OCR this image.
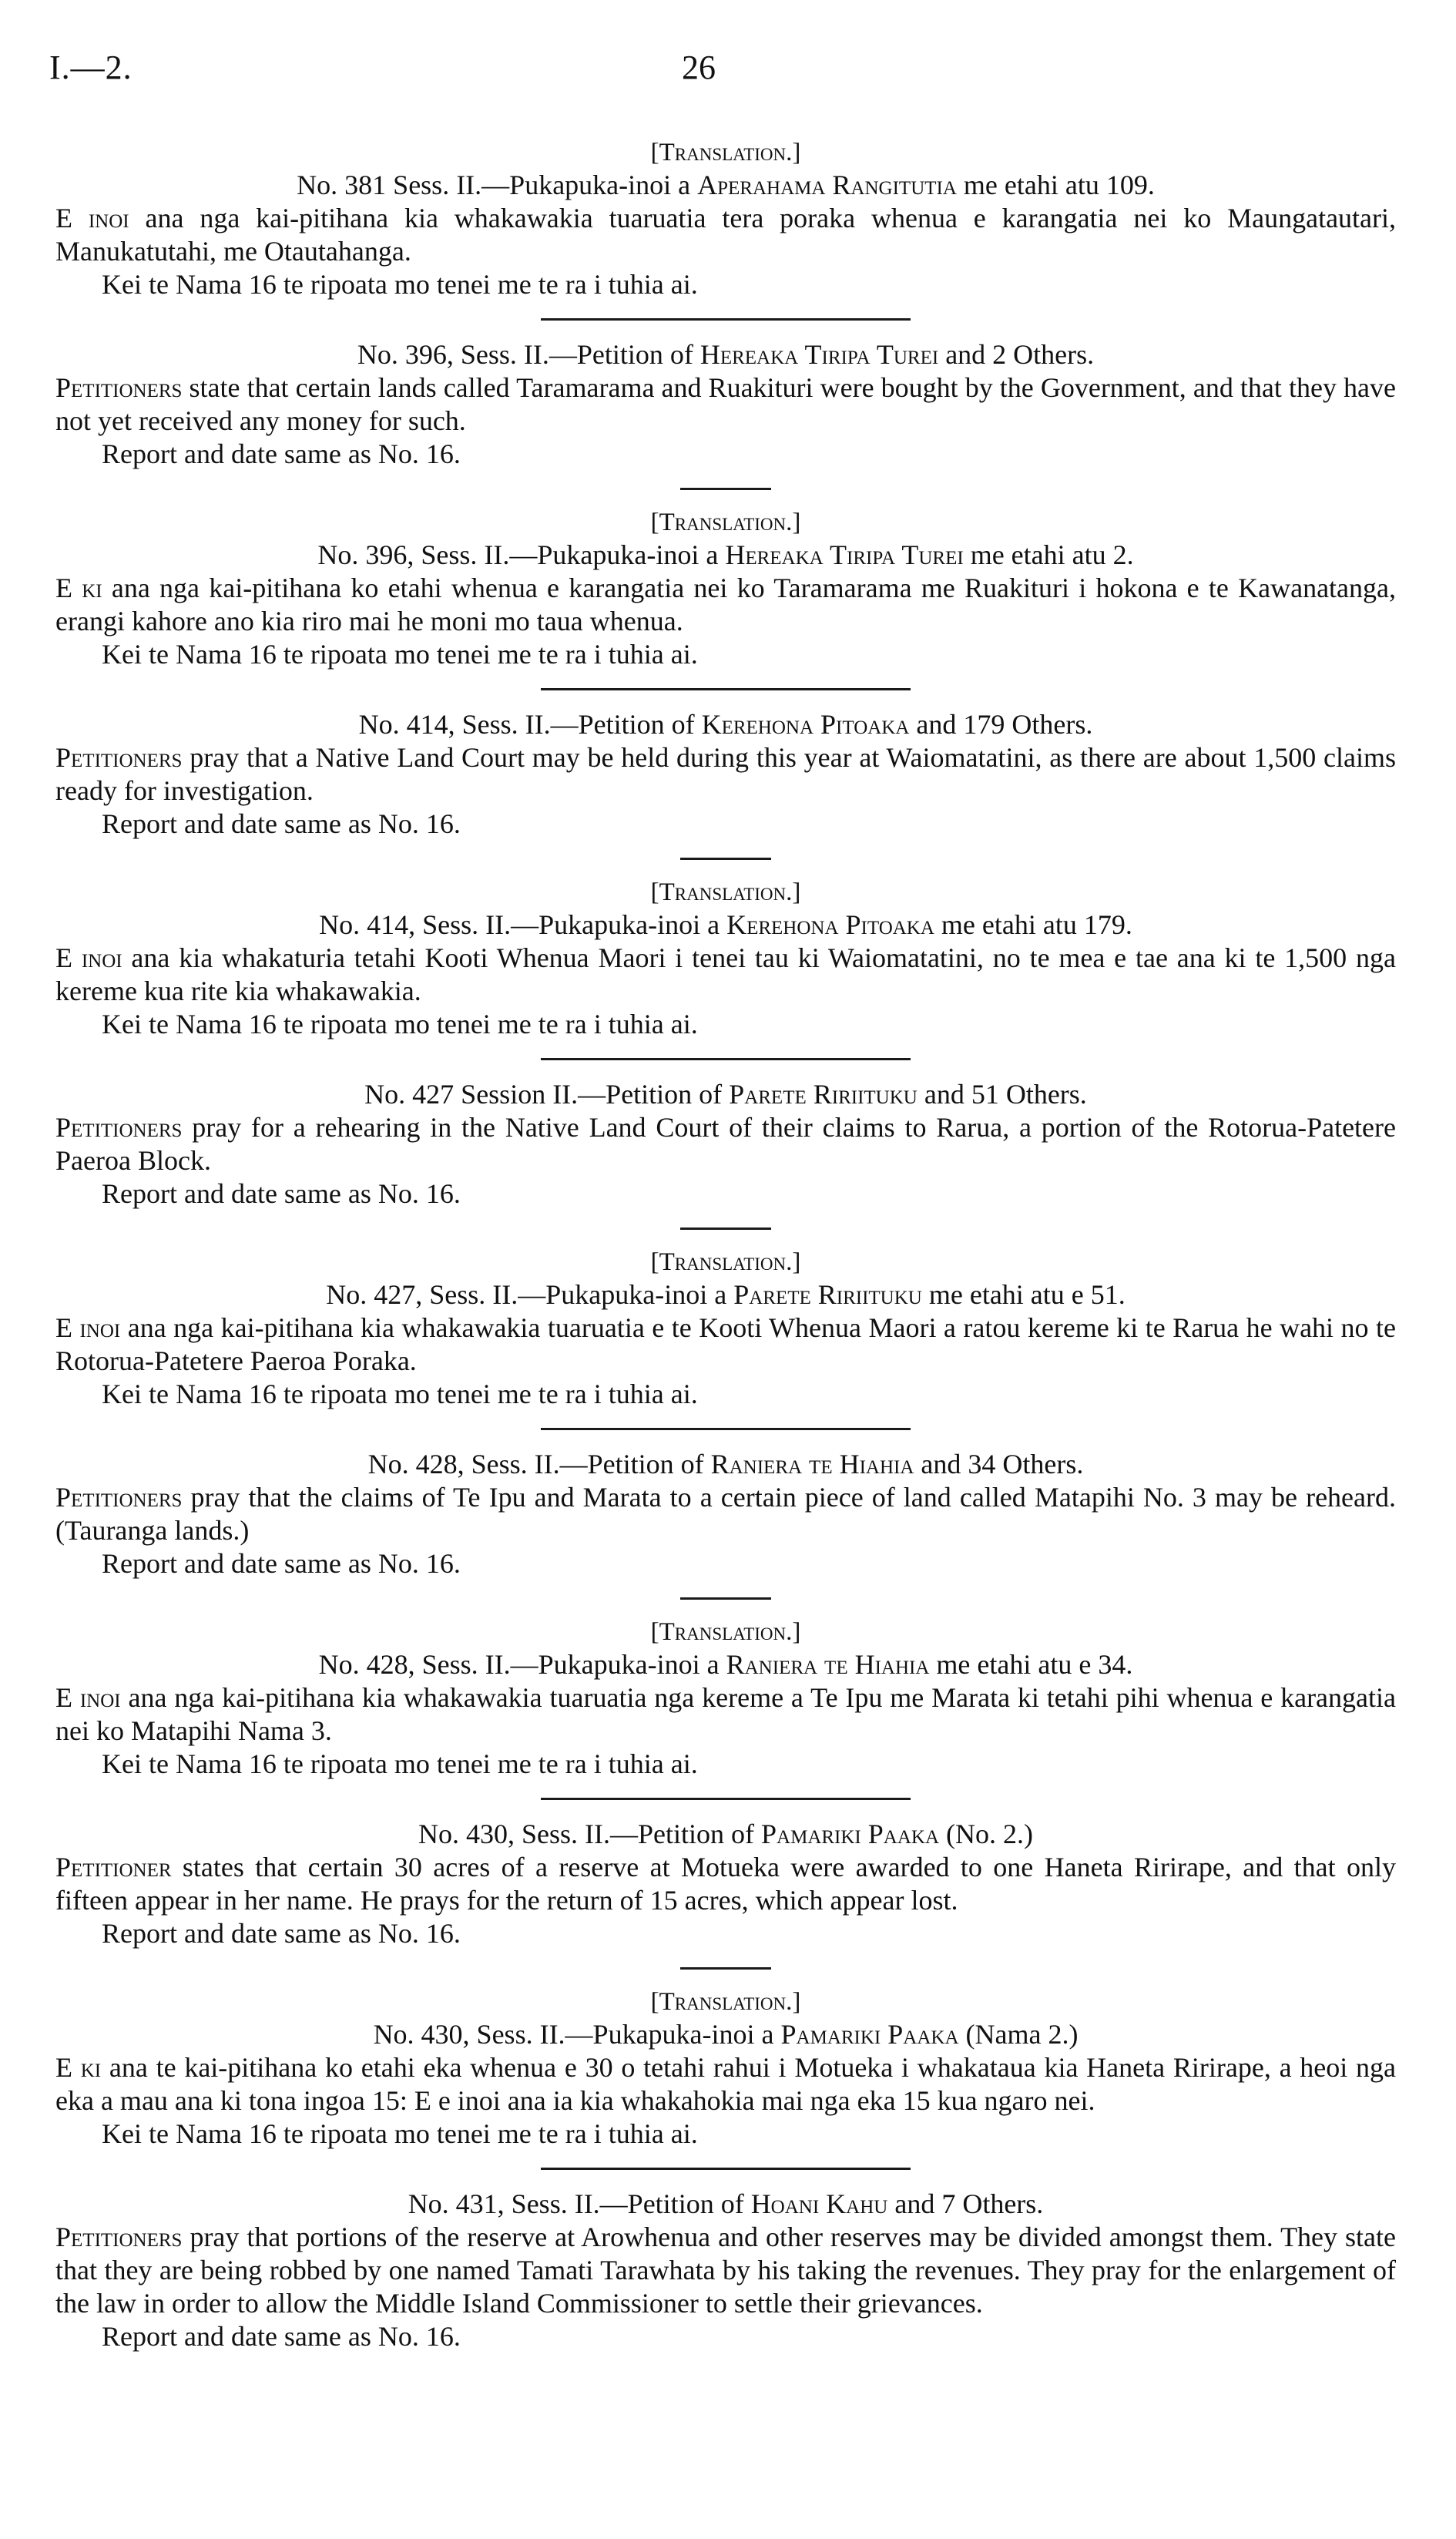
I.—2.	26

[Translation.]

No. 381 Sess. II.—Pukapuka-inoi a Aperahama Rangitutia me etahi atu 109.

E inoi ana nga kai-pitihana kia whakawakia tuaruatia tera poraka whenua e karangatia nei ko Maungatautari, Manukatutahi, me Otautahanga.

Kei te Nama 16 te ripoata mo tenei me te ra i tuhia ai.

No. 396, Sess. II.—Petition of Hereaka Tiripa Turei and 2 Others.

Petitioners state that certain lands called Taramarama and Ruakituri were bought by the Government, and that they have not yet received any money for such.

Report and date same as No. 16.

[Translation.]

No. 396, Sess. II.—Pukapuka-inoi a Hereaka Tiripa Turei me etahi atu 2.

E ki ana nga kai-pitihana ko etahi whenua e karangatia nei ko Taramarama me Ruakituri i hokona e te Kawanatanga, erangi kahore ano kia riro mai he moni mo taua whenua.

Kei te Nama 16 te ripoata mo tenei me te ra i tuhia ai.

No. 414, Sess. II.—Petition of Kerehona Pitoaka and 179 Others.

Petitioners pray that a Native Land Court may be held during this year at Waiomatatini, as there are about 1,500 claims ready for investigation.

Report and date same as No. 16.

[Translation.]

No. 414, Sess. II.—Pukapuka-inoi a Kerehona Pitoaka me etahi atu 179.

E inoi ana kia whakaturia tetahi Kooti Whenua Maori i tenei tau ki Waiomatatini, no te mea e tae ana ki te 1,500 nga kereme kua rite kia whakawakia.

Kei te Nama 16 te ripoata mo tenei me te ra i tuhia ai.

No. 427 Session II.—Petition of Parete Ririituku and 51 Others.

Petitioners pray for a rehearing in the Native Land Court of their claims to Rarua, a portion of the Rotorua-Patetere Paeroa Block.

Report and date same as No. 16.

[Translation.]

No. 427, Sess. II.—Pukapuka-inoi a Parete Ririituku me etahi atu e 51.

E inoi ana nga kai-pitihana kia whakawakia tuaruatia e te Kooti Whenua Maori a ratou kereme ki te Rarua he wahi no te Rotorua-Patetere Paeroa Poraka.

Kei te Nama 16 te ripoata mo tenei me te ra i tuhia ai.

No. 428, Sess. II.—Petition of Raniera te Hiahia and 34 Others.

Petitioners pray that the claims of Te Ipu and Marata to a certain piece of land called Matapihi No. 3 may be reheard. (Tauranga lands.)

Report and date same as No. 16.

[Translation.]

No. 428, Sess. II.—Pukapuka-inoi a Raniera te Hiahia me etahi atu e 34.

E inoi ana nga kai-pitihana kia whakawakia tuaruatia nga kereme a Te Ipu me Marata ki tetahi pihi whenua e karangatia nei ko Matapihi Nama 3.

Kei te Nama 16 te ripoata mo tenei me te ra i tuhia ai.

No. 430, Sess. II.—Petition of Pamariki Paaka (No. 2.)

Petitioner states that certain 30 acres of a reserve at Motueka were awarded to one Haneta Ririrape, and that only fifteen appear in her name. He prays for the return of 15 acres, which appear lost.

Report and date same as No. 16.

[Translation.]

No. 430, Sess. II.—Pukapuka-inoi a Pamariki Paaka (Nama 2.)

E ki ana te kai-pitihana ko etahi eka whenua e 30 o tetahi rahui i Motueka i whakataua kia Haneta Ririrape, a heoi nga eka a mau ana ki tona ingoa 15: E e inoi ana ia kia whakahokia mai nga eka 15 kua ngaro nei.

Kei te Nama 16 te ripoata mo tenei me te ra i tuhia ai.

No. 431, Sess. II.—Petition of Hoani Kahu and 7 Others.

Petitioners pray that portions of the reserve at Arowhenua and other reserves may be divided amongst them. They state that they are being robbed by one named Tamati Tarawhata by his taking the revenues. They pray for the enlargement of the law in order to allow the Middle Island Commissioner to settle their grievances.

Report and date same as No. 16.
